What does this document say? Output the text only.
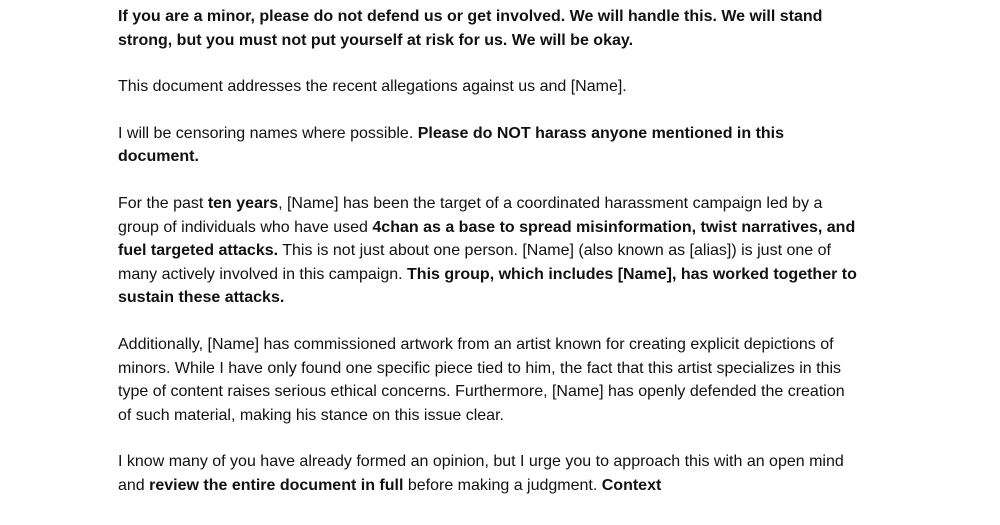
If you are a minor, please do not defend us or get involved. We will handle this. We will stand strong, but you must not put yourself at risk for us. We will be okay.

This document addresses the recent allegations against us and [Name].

I will be censoring names where possible. Please do NOT harass anyone mentioned in this document.

For the past ten years, [Name] has been the target of a coordinated harassment campaign led by a group of individuals who have used 4chan as a base to spread misinformation, twist narratives, and fuel targeted attacks. This is not just about one person. [Name] (also known as [alias]) is just one of many actively involved in this campaign. This group, which includes [Name], has worked together to sustain these attacks.

Additionally, [Name] has commissioned artwork from an artist known for creating explicit depictions of minors. While I have only found one specific piece tied to him, the fact that this artist specializes in this type of content raises serious ethical concerns. Furthermore, [Name] has openly defended the creation of such material, making his stance on this issue clear.

I know many of you have already formed an opinion, but I urge you to approach this with an open mind and review the entire document in full before making a judgment. Context
